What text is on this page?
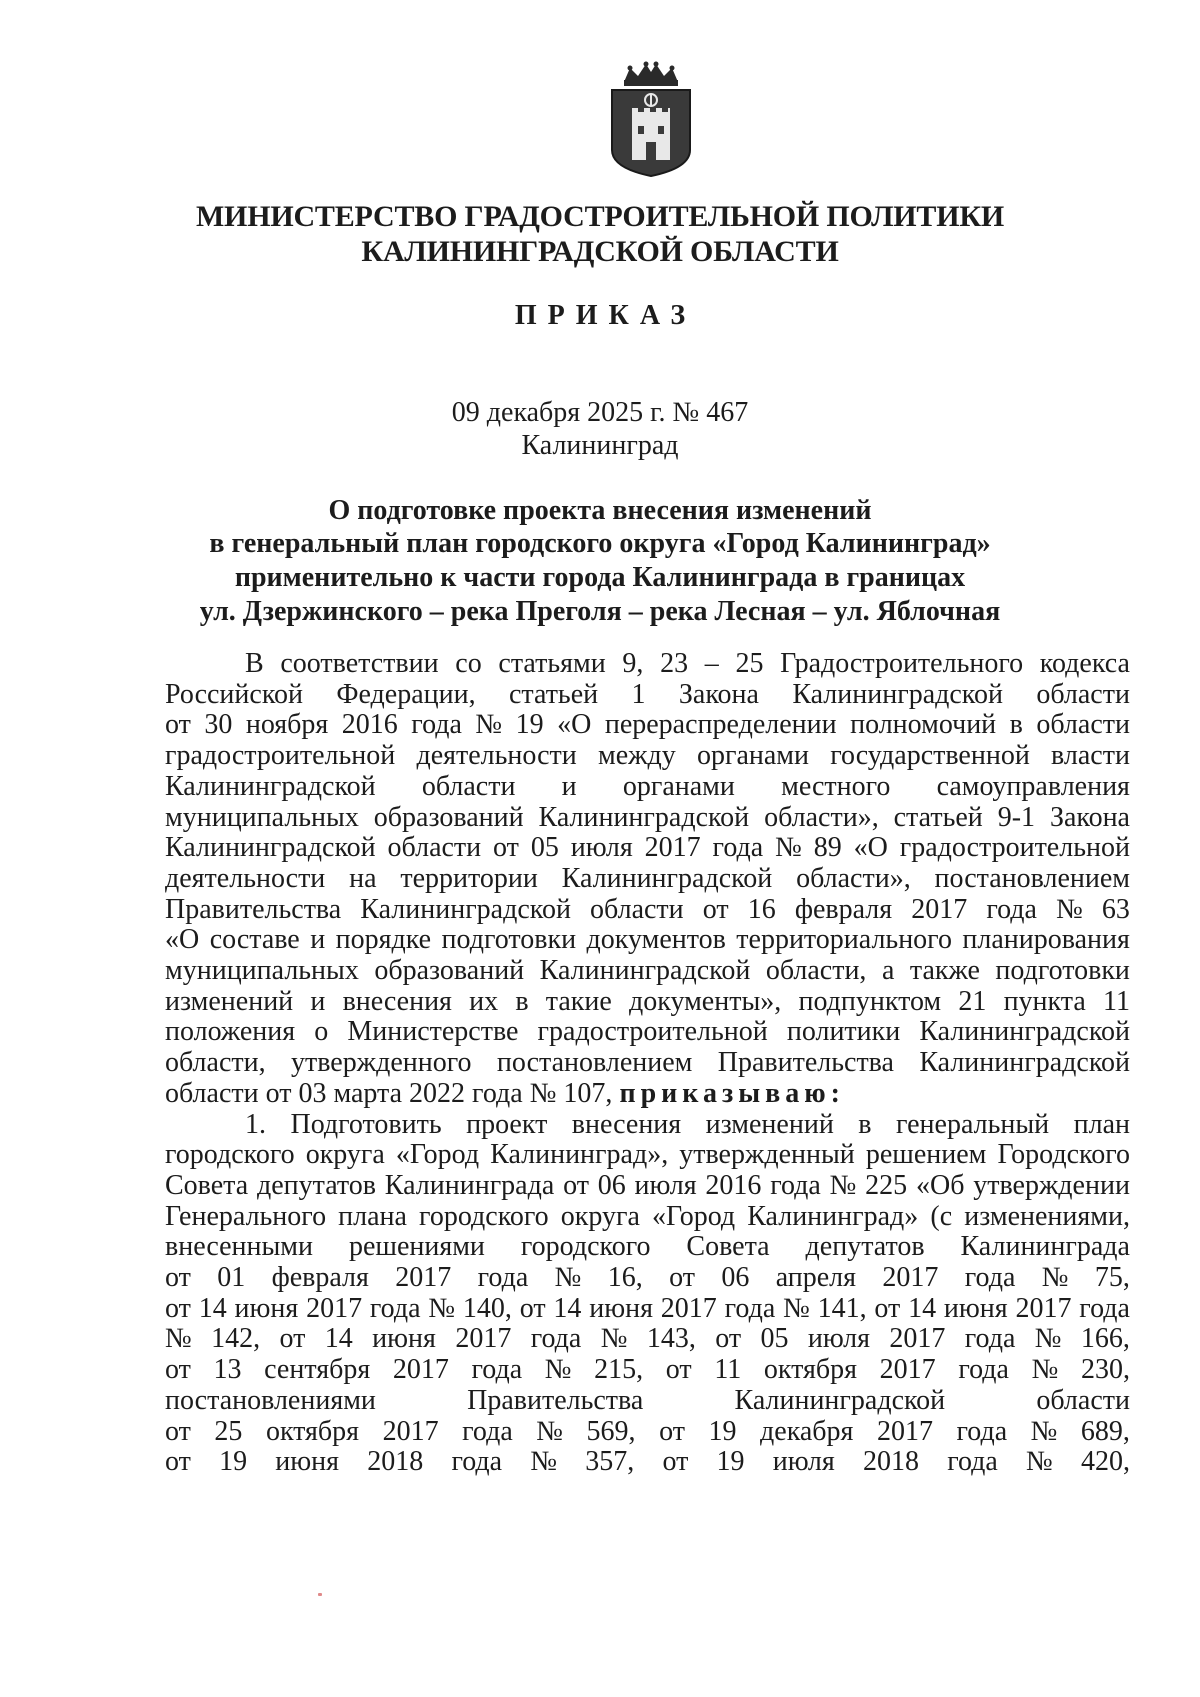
МИНИСТЕРСТВО ГРАДОСТРОИТЕЛЬНОЙ ПОЛИТИКИ
КАЛИНИНГРАДСКОЙ ОБЛАСТИ
ПРИКАЗ
09 декабря 2025 г. № 467
Калининград
О подготовке проекта внесения изменений
в генеральный план городского округа «Город Калининград»
применительно к части города Калининграда в границах
ул. Дзержинского – река Преголя – река Лесная – ул. Яблочная
В соответствии со статьями 9, 23 – 25 Градостроительного кодекса
Российской Федерации, статьей 1 Закона Калининградской области
от 30 ноября 2016 года № 19 «О перераспределении полномочий в области
градостроительной деятельности между органами государственной власти
Калининградской области и органами местного самоуправления
муниципальных образований Калининградской области», статьей 9-1 Закона
Калининградской области от 05 июля 2017 года № 89 «О градостроительной
деятельности на территории Калининградской области», постановлением
Правительства Калининградской области от 16 февраля 2017 года № 63
«О составе и порядке подготовки документов территориального планирования
муниципальных образований Калининградской области, а также подготовки
изменений и внесения их в такие документы», подпунктом 21 пункта 11
положения о Министерстве градостроительной политики Калининградской
области, утвержденного постановлением Правительства Калининградской
области от 03 марта 2022 года № 107, приказываю:
1. Подготовить проект внесения изменений в генеральный план
городского округа «Город Калининград», утвержденный решением Городского
Совета депутатов Калининграда от 06 июля 2016 года № 225 «Об утверждении
Генерального плана городского округа «Город Калининград» (с изменениями,
внесенными решениями городского Совета депутатов Калининграда
от 01 февраля 2017 года № 16, от 06 апреля 2017 года № 75,
от 14 июня 2017 года № 140, от 14 июня 2017 года № 141, от 14 июня 2017 года
№ 142, от 14 июня 2017 года № 143, от 05 июля 2017 года № 166,
от 13 сентября 2017 года № 215, от 11 октября 2017 года № 230,
постановлениями	Правительства	Калининградской	области
от 25 октября 2017 года № 569, от 19 декабря 2017 года № 689,
от 19 июня 2018 года № 357, от 19 июля 2018 года № 420,
